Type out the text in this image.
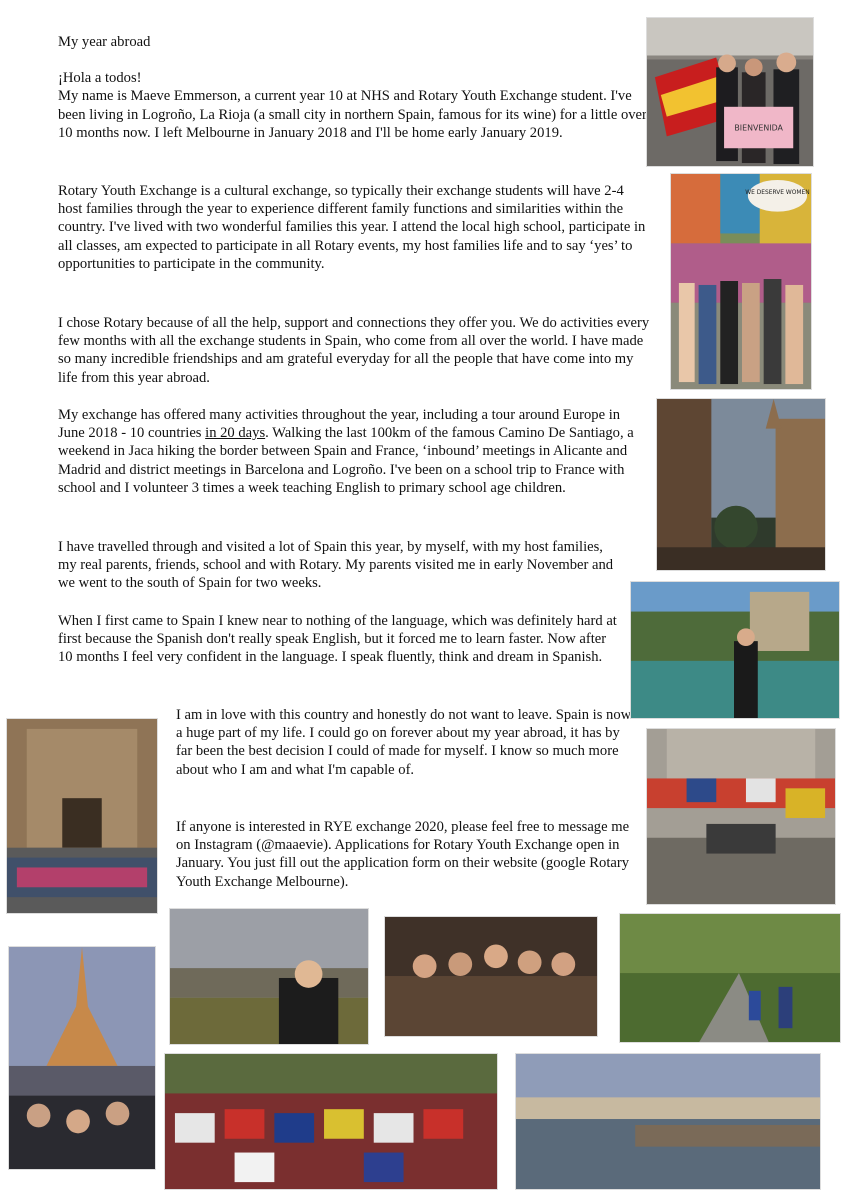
My year abroad

¡Hola a todos!

My name is Maeve Emmerson, a current year 10 at NHS and Rotary Youth Exchange student. I've been living in Logroño, La Rioja (a small city in northern Spain, famous for its wine) for a little over 10 months now. I left Melbourne in January 2018 and I'll be home early January 2019.

Rotary Youth Exchange is a cultural exchange, so typically their exchange students will have 2-4 host families through the year to experience different family functions and similarities within the country. I've lived with two wonderful families this year. I attend the local high school, participate in all classes, am expected to participate in all Rotary events, my host families life and to say ‘yes’ to opportunities to participate in the community.

I chose Rotary because of all the help, support and connections they offer you. We do activities every few months with all the exchange students in Spain, who come from all over the world. I have made so many incredible friendships and am grateful everyday for all the people that have come into my life from this year abroad.

My exchange has offered many activities throughout the year, including a tour around Europe in June 2018 - 10 countries in 20 days. Walking the last 100km of the famous Camino De Santiago, a weekend in Jaca hiking the border between Spain and France, ‘inbound’ meetings in Alicante and Madrid and district meetings in Barcelona and Logroño. I've been on a school trip to France with school and I volunteer 3 times a week teaching English to primary school age children.

I have travelled through and visited a lot of Spain this year, by myself, with my host families, my real parents, friends, school and with Rotary. My parents visited me in early November and we went to the south of Spain for two weeks.

When I first came to Spain I knew near to nothing of the language, which was definitely hard at first because the Spanish don't really speak English, but it forced me to learn faster. Now after 10 months I feel very confident in the language. I speak fluently, think and dream in Spanish.

I am in love with this country and honestly do not want to leave. Spain is now a huge part of my life. I could go on forever about my year abroad, it has by far been the best decision I could of made for myself. I know so much more about who I am and what I'm capable of.

If anyone is interested in RYE exchange 2020, please feel free to message me on Instagram (@maaevie). Applications for Rotary Youth Exchange open in January. You just fill out the application form on their website (google Rotary Youth Exchange Melbourne).

BIENVENIDA
WE DESERVE WOMEN
